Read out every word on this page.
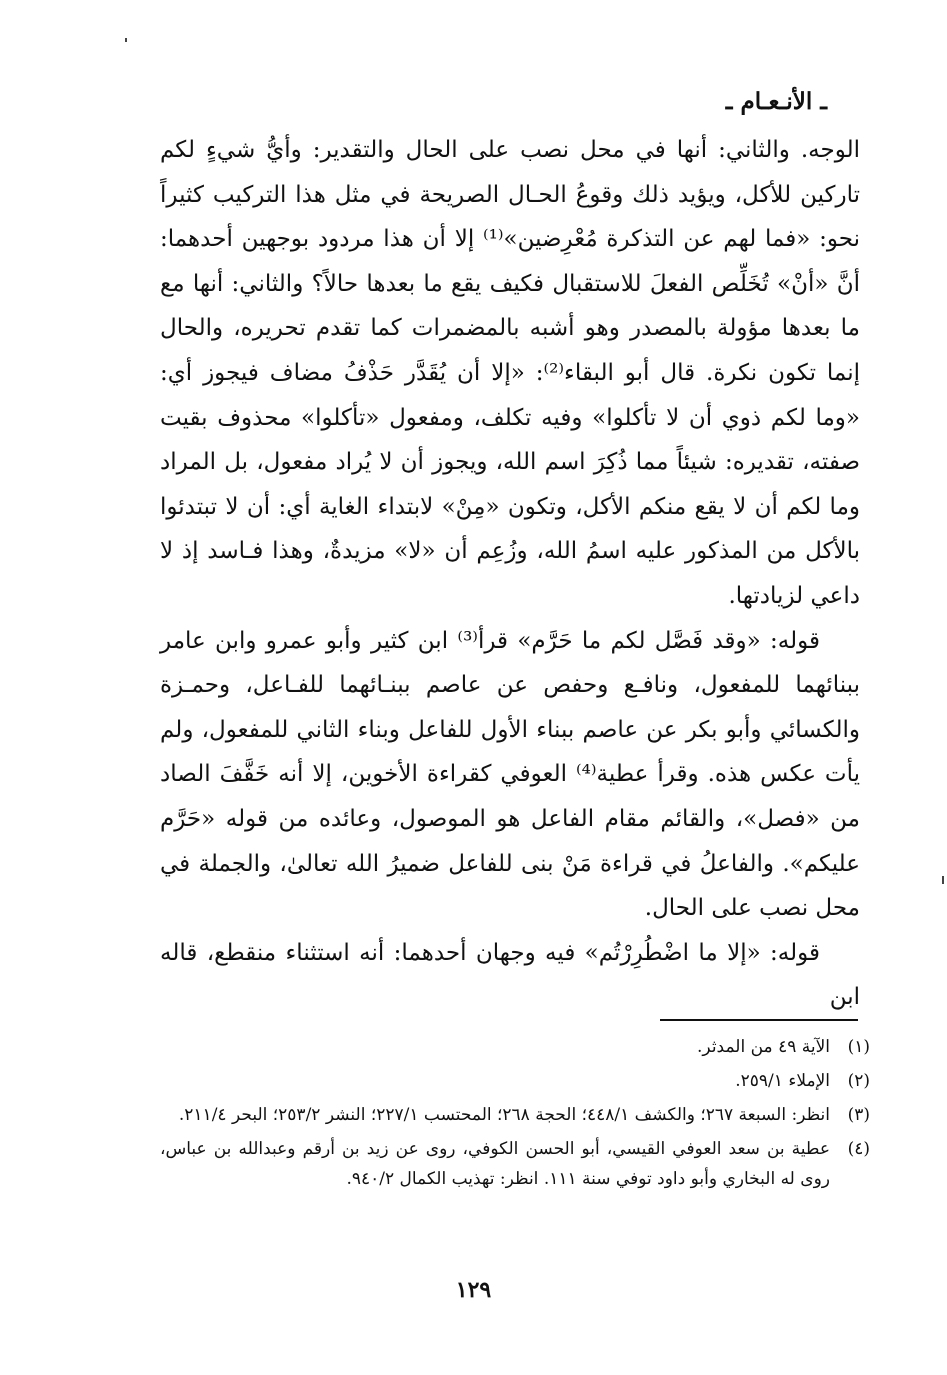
ـ الأنـعـام ـ

الوجه. والثاني: أنها في محل نصب على الحال والتقدير: وأيُّ شيءٍ لكم تاركين للأكل، ويؤيد ذلك وقوعُ الحـال الصريحة في مثل هذا التركيب كثيراً نحو: «فما لهم عن التذكرة مُعْرِضين»⁽¹⁾ إلا أن هذا مردود بوجهين أحدهما: أنَّ «أنْ» تُخَلِّص الفعلَ للاستقبال فكيف يقع ما بعدها حالاً؟ والثاني: أنها مع ما بعدها مؤولة بالمصدر وهو أشبه بالمضمرات كما تقدم تحريره، والحال إنما تكون نكرة. قال أبو البقاء⁽²⁾: «إلا أن يُقَدَّر حَذْفُ مضاف فيجوز أي: «وما لكم ذوي أن لا تأكلوا» وفيه تكلف، ومفعول «تأكلوا» محذوف بقيت صفته، تقديره: شيئاً مما ذُكِرَ اسم الله، ويجوز أن لا يُراد مفعول، بل المراد وما لكم أن لا يقع منكم الأكل، وتكون «مِنْ» لابتداء الغاية أي: أن لا تبتدئوا بالأكل من المذكور عليه اسمُ الله، وزُعِم أن «لا» مزيدةٌ، وهذا فـاسد إذ لا داعي لزيادتها.

قوله: «وقد فَصَّل لكم ما حَرَّم» قرأ⁽³⁾ ابن كثير وأبو عمرو وابن عامر ببنائهما للمفعول، ونافـع وحفص عن عاصم ببنـائهما للفـاعل، وحمـزة والكسائي وأبو بكر عن عاصم ببناء الأول للفاعل وبناء الثاني للمفعول، ولم يأت عكس هذه. وقرأ عطية⁽⁴⁾ العوفي كقراءة الأخوين، إلا أنه خَفَّفَ الصاد من «فصل»، والقائم مقام الفاعل هو الموصول، وعائده من قوله «حَرَّم عليكم». والفاعلُ في قراءة مَنْ بنى للفاعل ضميرُ الله تعالىٰ، والجملة في محل نصب على الحال.

قوله: «إلا ما اضْطُرِرْتُم» فيه وجهان أحدهما: أنه استثناء منقطع، قاله ابن

(١)
الآية ٤٩ من المدثر.
(٢)
الإملاء ٢٥٩/١.
(٣)
انظر: السبعة ٢٦٧؛ والكشف ٤٤٨/١؛ الحجة ٢٦٨؛ المحتسب ٢٢٧/١؛ النشر ٢٥٣/٢؛ البحر ٢١١/٤.
(٤)
عطية بن سعد العوفي القيسي، أبو الحسن الكوفي، روى عن زيد بن أرقم وعبدالله بن عباس، روى له البخاري وأبو داود توفي سنة ١١١. انظر: تهذيب الكمال ٩٤٠/٢.
١٢٩
